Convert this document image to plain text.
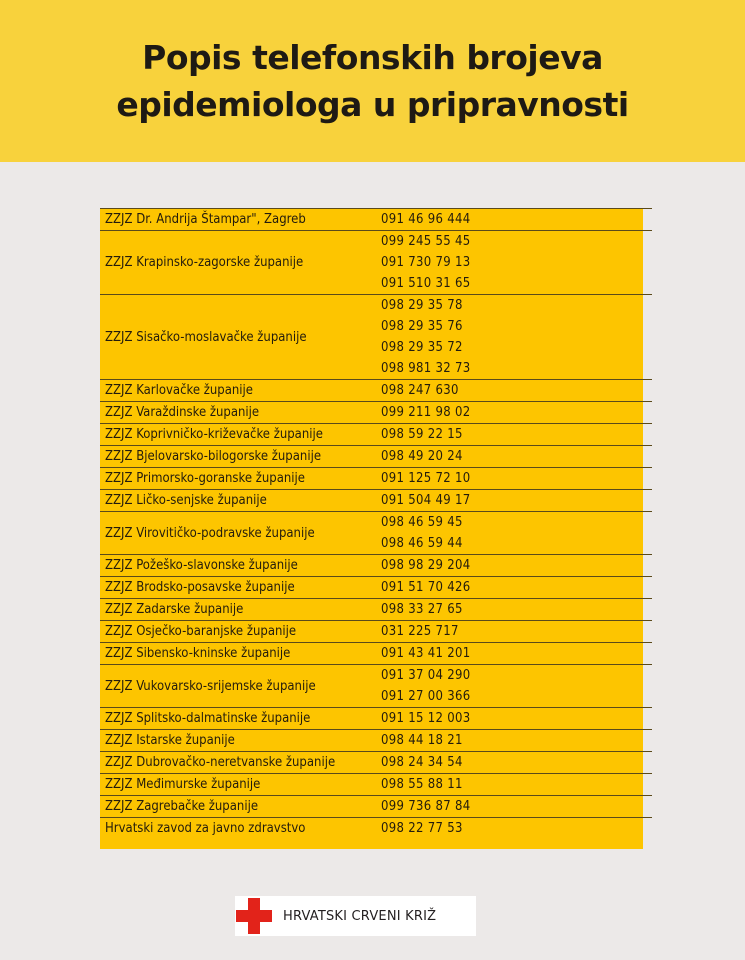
Popis telefonskih brojeva
epidemiologa u pripravnosti
ZZJZ Dr. Andrija Štampar", Zagreb	091 46 96 444

ZZJZ Krapinsko-zagorske županije	099 245 55 45
091 730 79 13
091 510 31 65

ZZJZ Sisačko-moslavačke županije	098 29 35 78
098 29 35 76
098 29 35 72
098 981 32 73

ZZJZ Karlovačke županije	098 247 630

ZZJZ Varaždinske županije	099 211 98 02

ZZJZ Koprivničko-križevačke županije	098 59 22 15

ZZJZ Bjelovarsko-bilogorske županije	098 49 20 24

ZZJZ Primorsko-goranske županije	091 125 72 10

ZZJZ Ličko-senjske županije	091 504 49 17

ZZJZ Virovitičko-podravske županije	098 46 59 45
098 46 59 44

ZZJZ Požeško-slavonske županije	098 98 29 204

ZZJZ Brodsko-posavske županije	091 51 70 426

ZZJZ Zadarske županije	098 33 27 65

ZZJZ Osječko-baranjske županije	031 225 717

ZZJZ Sibensko-kninske županije	091 43 41 201

ZZJZ Vukovarsko-srijemske županije	091 37 04 290
091 27 00 366

ZZJZ Splitsko-dalmatinske županije	091 15 12 003

ZZJZ Istarske županije	098 44 18 21

ZZJZ Dubrovačko-neretvanske županije	098 24 34 54

ZZJZ Međimurske županije	098 55 88 11

ZZJZ Zagrebačke županije	099 736 87 84

Hrvatski zavod za javno zdravstvo	098 22 77 53
HRVATSKI CRVENI KRIŽ
